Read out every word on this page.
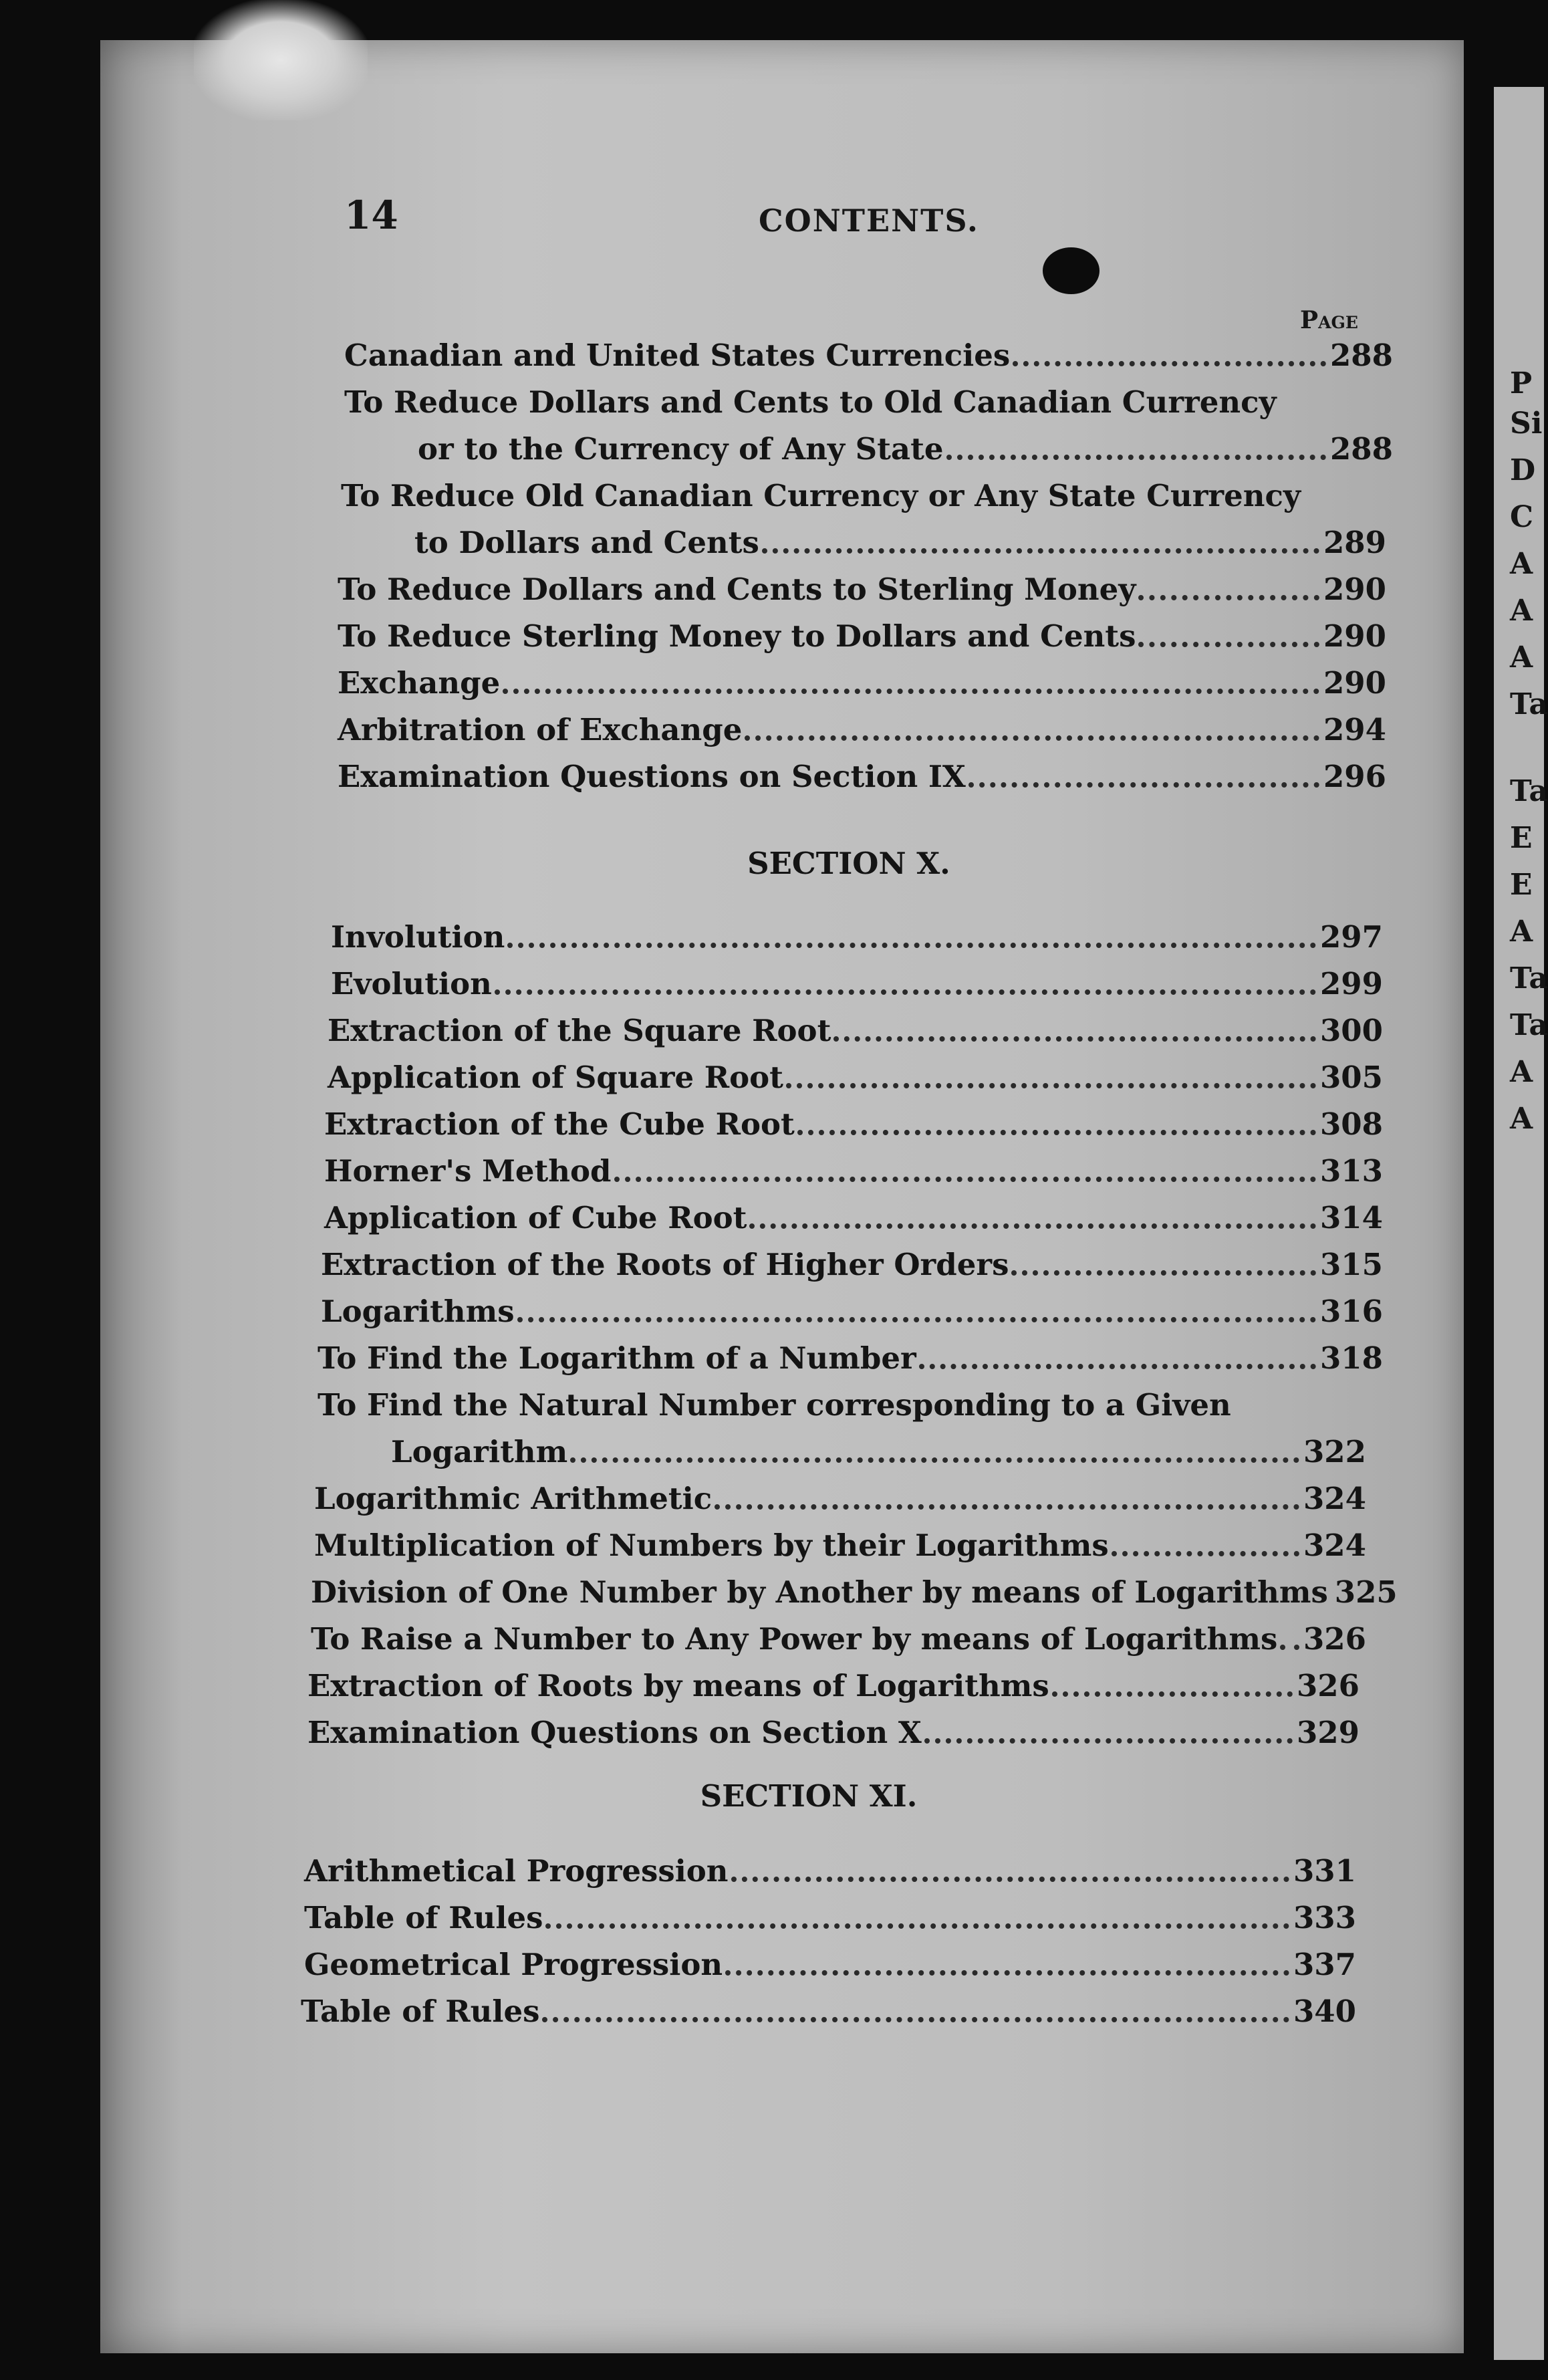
P
Si
D
C
A
A
A
Ta
Ta
E
E
A
Ta
Ta
A
A
14	CONTENTS.
Page
Canadian and United States Currencies	288
To Reduce Dollars and Cents to Old Canadian Currency
or to the Currency of Any State	288
To Reduce Old Canadian Currency or Any State Currency
to Dollars and Cents	289
To Reduce Dollars and Cents to Sterling Money	290
To Reduce Sterling Money to Dollars and Cents	290
Exchange	290
Arbitration of Exchange	294
Examination Questions on Section IX	296
SECTION X.
Involution	297
Evolution	299
Extraction of the Square Root	300
Application of Square Root	305
Extraction of the Cube Root	308
Horner's Method	313
Application of Cube Root	314
Extraction of the Roots of Higher Orders	315
Logarithms	316
To Find the Logarithm of a Number	318
To Find the Natural Number corresponding to a Given
Logarithm	322
Logarithmic Arithmetic	324
Multiplication of Numbers by their Logarithms	324
Division of One Number by Another by means of Logarithms 325
To Raise a Number to Any Power by means of Logarithms 326
Extraction of Roots by means of Logarithms	326
Examination Questions on Section X	329
SECTION XI.
Arithmetical Progression	331
Table of Rules	333
Geometrical Progression	337
Table of Rules	340
